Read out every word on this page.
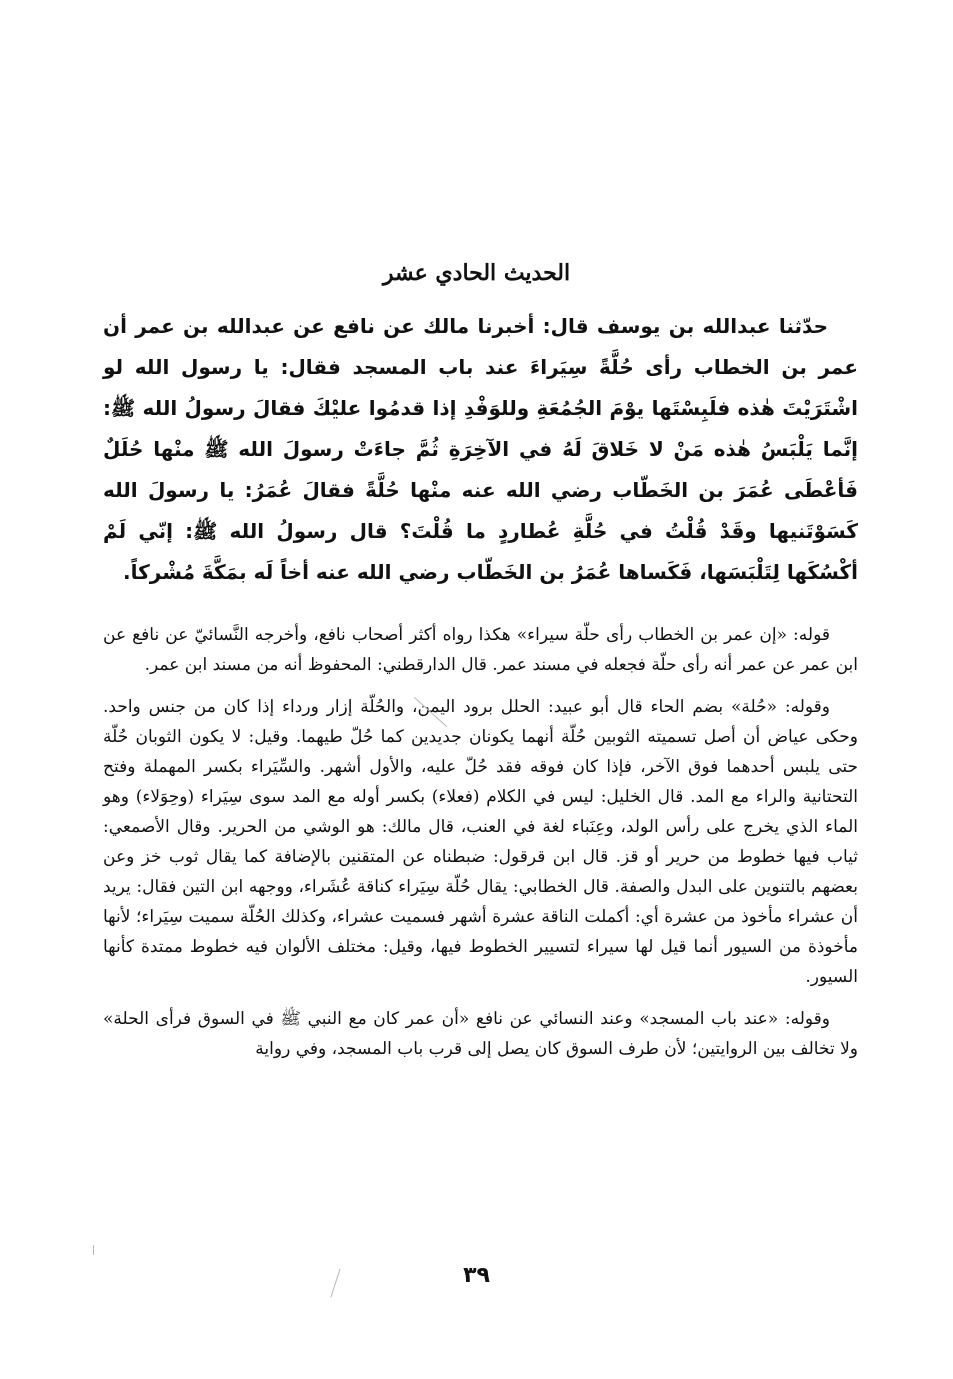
الحديث الحادي عشر

حدّثنا عبدالله بن يوسف قال: أخبرنا مالك عن نافع عن عبدالله بن عمر أن عمر بن الخطاب رأى حُلَّةً سِيَراءَ عند باب المسجد فقال: يا رسول الله لو اشْتَرَيْتَ هٰذه فلَبِسْتَها يوْمَ الجُمُعَةِ وللوَفْدِ إذا قدمُوا عليْكَ فقالَ رسولُ الله ﷺ: إنَّما يَلْبَسُ هٰذه مَنْ لا خَلاقَ لَهُ في الآخِرَةِ ثُمَّ جاءَتْ رسولَ الله ﷺ منْها حُلَلٌ فَأعْطَى عُمَرَ بن الخَطّاب رضي الله عنه منْها حُلَّةً فقالَ عُمَرُ: يا رسولَ الله كَسَوْتَنيها وقَدْ قُلْتُ في حُلَّةِ عُطاردٍ ما قُلْتَ؟ قال رسولُ الله ﷺ: إنّي لَمْ أكْسُكَها لِتَلْبَسَها، فَكَساها عُمَرُ بن الخَطّاب رضي الله عنه أخاً لَه بمَكَّةَ مُشْركاً.

قوله: «إن عمر بن الخطاب رأى حلّة سيراء» هكذا رواه أكثر أصحاب نافع، وأخرجه النَّسائيّ عن نافع عن ابن عمر عن عمر أنه رأى حلّة فجعله في مسند عمر. قال الدارقطني: المحفوظ أنه من مسند ابن عمر.

وقوله: «حُلة» بضم الحاء قال أبو عبيد: الحلل برود اليمن، والحُلّة إزار ورداء إذا كان من جنس واحد. وحكى عياض أن أصل تسميته الثوبين حُلّة أنهما يكونان جديدين كما حُلّ طيهما. وقيل: لا يكون الثوبان حُلّة حتى يلبس أحدهما فوق الآخر، فإذا كان فوقه فقد حُلّ عليه، والأول أشهر. والسِّيَراء بكسر المهملة وفتح التحتانية والراء مع المد. قال الخليل: ليس في الكلام (فعلاء) بكسر أوله مع المد سوى سِيَراء (وحِوَلاء) وهو الماء الذي يخرج على رأس الولد، وعِنَباء لغة في العنب، قال مالك: هو الوشي من الحرير. وقال الأصمعي: ثياب فيها خطوط من حرير أو قز. قال ابن قرقول: ضبطناه عن المتقنين بالإضافة كما يقال ثوب خز وعن بعضهم بالتنوين على البدل والصفة. قال الخطابي: يقال حُلّة سِيَراء كناقة عُشَراء، ووجهه ابن التين فقال: يريد أن عشراء مأخوذ من عشرة أي: أكملت الناقة عشرة أشهر فسميت عشراء، وكذلك الحُلّة سميت سِيَراء؛ لأنها مأخوذة من السيور أنما قيل لها سيراء لتسيير الخطوط فيها، وقيل: مختلف الألوان فيه خطوط ممتدة كأنها السيور.

وقوله: «عند باب المسجد» وعند النسائي عن نافع «أن عمر كان مع النبي ﷺ في السوق فرأى الحلة» ولا تخالف بين الروايتين؛ لأن طرف السوق كان يصل إلى قرب باب المسجد، وفي رواية

٣٩
